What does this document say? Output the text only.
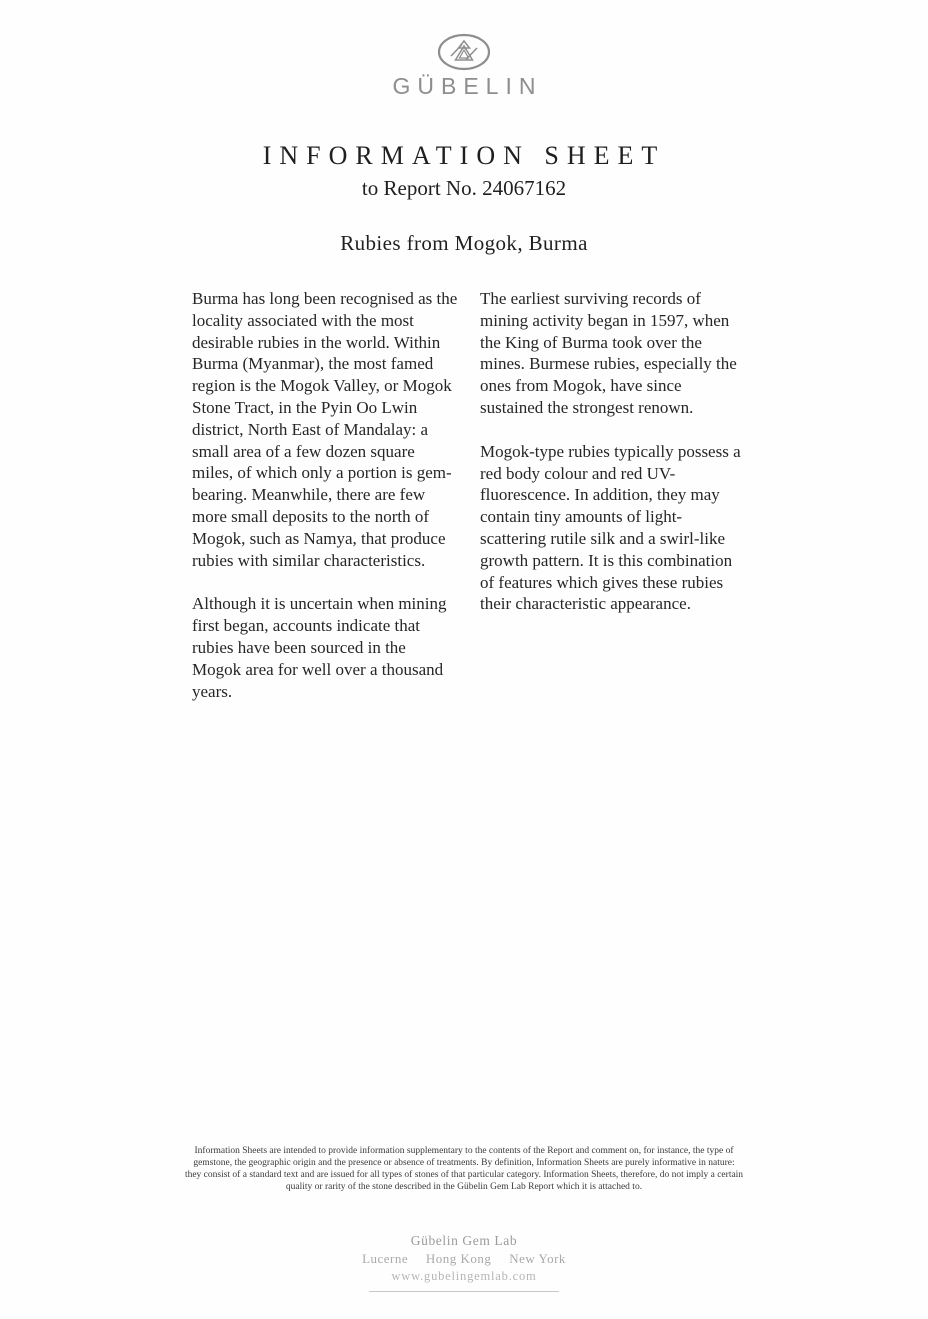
GÜBELIN
INFORMATION SHEET
to Report No. 24067162
Rubies from Mogok, Burma

Burma has long been recognised as the locality associated with the most desirable rubies in the world. Within Burma (Myanmar), the most famed region is the Mogok Valley, or Mogok Stone Tract, in the Pyin Oo Lwin district, North East of Mandalay: a small area of a few dozen square miles, of which only a portion is gem-bearing. Meanwhile, there are few more small deposits to the north of Mogok, such as Namya, that produce rubies with similar characteristics.

Although it is uncertain when mining first began, accounts indicate that rubies have been sourced in the Mogok area for well over a thousand years.

The earliest surviving records of mining activity began in 1597, when the King of Burma took over the mines. Burmese rubies, especially the ones from Mogok, have since sustained the strongest renown.

Mogok-type rubies typically possess a red body colour and red UV-fluorescence. In addition, they may contain tiny amounts of light-scattering rutile silk and a swirl-like growth pattern. It is this combination of features which gives these rubies their characteristic appearance.

Information Sheets are intended to provide information supplementary to the contents of the Report and comment on, for instance, the type of gemstone, the geographic origin and the presence or absence of treatments. By definition, Information Sheets are purely informative in nature: they consist of a standard text and are issued for all types of stones of that particular category. Information Sheets, therefore, do not imply a certain quality or rarity of the stone described in the Gübelin Gem Lab Report which it is attached to.
Gübelin Gem Lab
Lucerne Hong Kong New York
www.gubelingemlab.com
